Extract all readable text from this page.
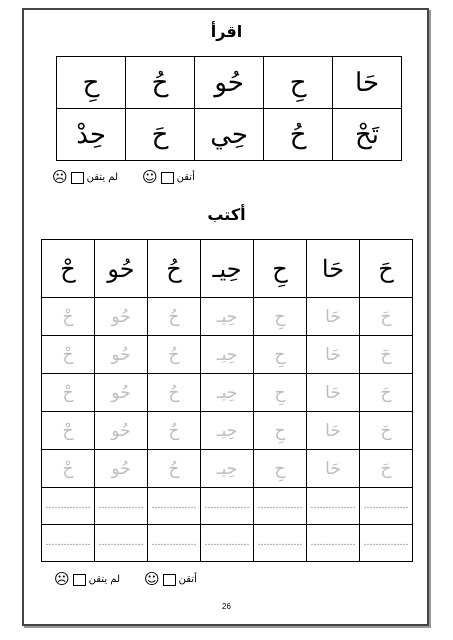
اقرأ
حَا	حِ	حُو	حُ	حِ
تَحْ	حُ	حِي	حَ	حِدْ
أتقن
☺
لم يتقن
☹
أكتب
حَ	حَا	حِ	حِيـ	حُ	حُو	حْ
حَ	حَا	حِ	حِيـ	حُ	حُو	حْ
حَ	حَا	حِ	حِيـ	حُ	حُو	حْ
حَ	حَا	حِ	حِيـ	حُ	حُو	حْ
حَ	حَا	حِ	حِيـ	حُ	حُو	حْ
حَ	حَا	حِ	حِيـ	حُ	حُو	حْ
……………	……………	……………	……………	……………	……………	……………
……………	……………	……………	……………	……………	……………	……………
أتقن
☺
لم يتقن
☹
26
